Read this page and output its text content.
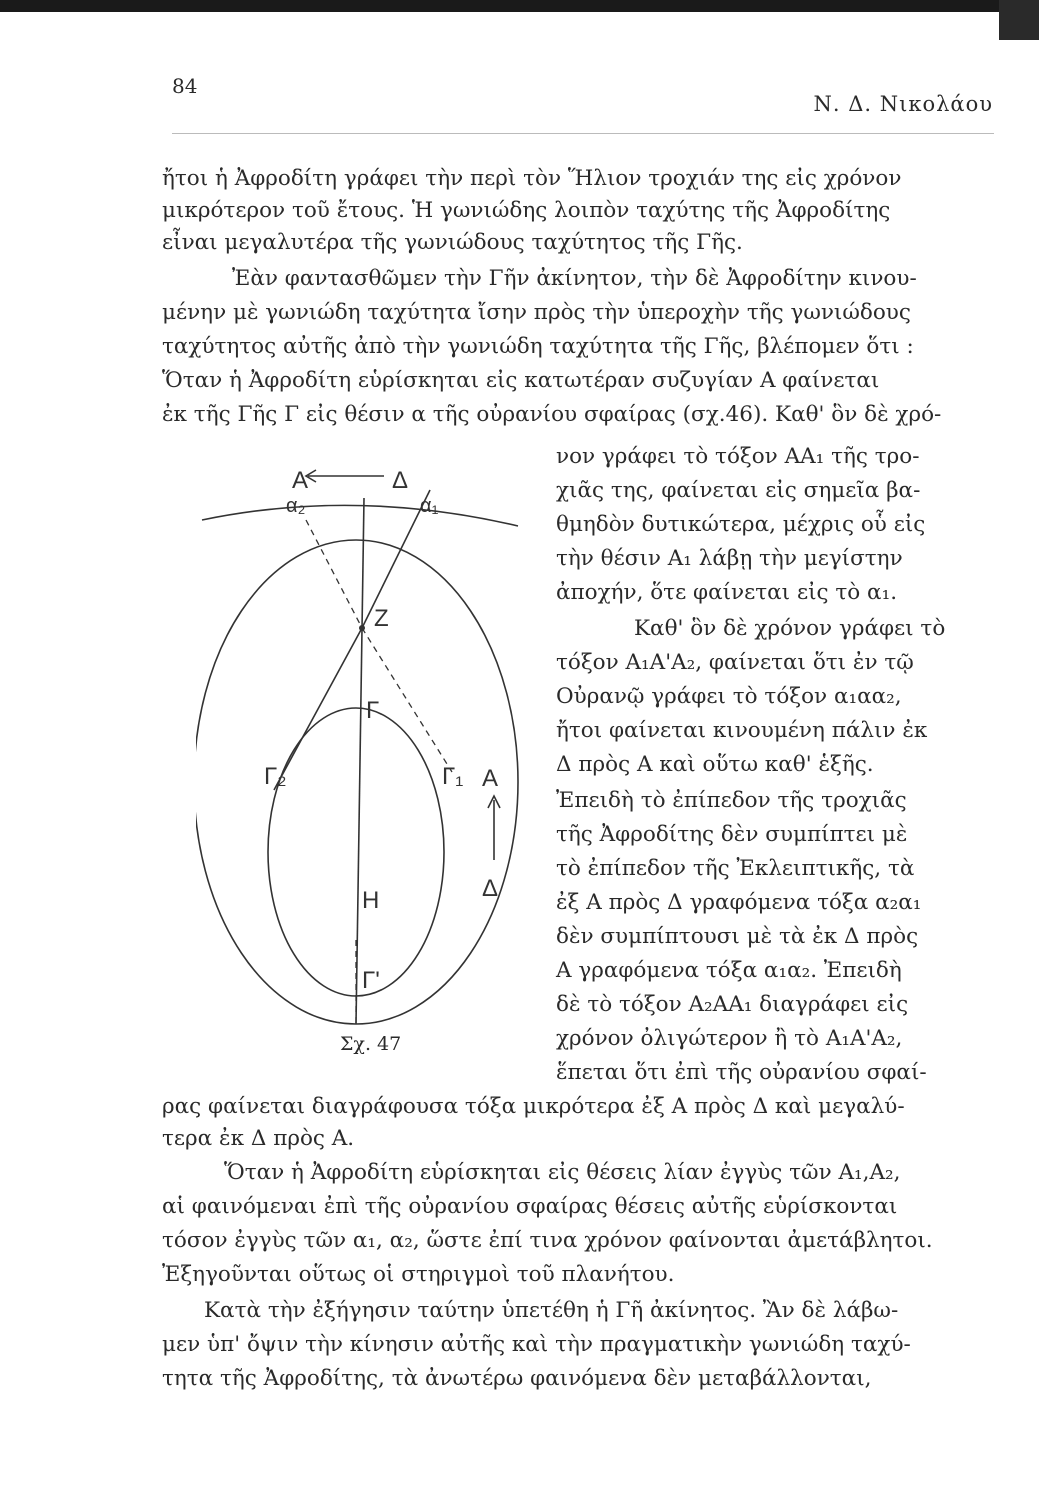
84
Ν. Δ. Νικολάου
ἤτοι ἡ Ἀφροδίτη γράφει τὴν περὶ τὸν Ἥλιον τροχιάν της εἰς χρόνον
μικρότερον τοῦ ἔτους. Ἡ γωνιώδης λοιπὸν ταχύτης τῆς Ἀφροδίτης
εἶναι μεγαλυτέρα τῆς γωνιώδους ταχύτητος τῆς Γῆς.
Ἐὰν φαντασθῶμεν τὴν Γῆν ἀκίνητον, τὴν δὲ Ἀφροδίτην κινου-
μένην μὲ γωνιώδη ταχύτητα ἴσην πρὸς τὴν ὑπεροχὴν τῆς γωνιώδους
ταχύτητος αὐτῆς ἀπὸ τὴν γωνιώδη ταχύτητα τῆς Γῆς, βλέπομεν ὅτι :
Ὅταν ἡ Ἀφροδίτη εὑρίσκηται εἰς κατωτέραν συζυγίαν Α φαίνεται
ἐκ τῆς Γῆς Γ εἰς θέσιν α τῆς οὐρανίου σφαίρας (σχ.46). Καθ' ὃν δὲ χρό-
νον γράφει τὸ τόξον ΑΑ₁ τῆς τρο-
χιᾶς της, φαίνεται εἰς σημεῖα βα-
θμηδὸν δυτικώτερα, μέχρις οὗ εἰς
τὴν θέσιν Α₁ λάβῃ τὴν μεγίστην
ἀποχήν, ὅτε φαίνεται εἰς τὸ α₁.
Καθ' ὃν δὲ χρόνον γράφει τὸ
τόξον Α₁Α'Α₂, φαίνεται ὅτι ἐν τῷ
Οὐρανῷ γράφει τὸ τόξον α₁αα₂,
ἤτοι φαίνεται κινουμένη πάλιν ἐκ
Δ πρὸς Α καὶ οὕτω καθ' ἑξῆς.
Ἐπειδὴ τὸ ἐπίπεδον τῆς τροχιᾶς
τῆς Ἀφροδίτης δὲν συμπίπτει μὲ
τὸ ἐπίπεδον τῆς Ἐκλειπτικῆς, τὰ
ἐξ Α πρὸς Δ γραφόμενα τόξα α₂α₁
δὲν συμπίπτουσι μὲ τὰ ἐκ Δ πρὸς
Α γραφόμενα τόξα α₁α₂. Ἐπειδὴ
δὲ τὸ τόξον Α₂ΑΑ₁ διαγράφει εἰς
χρόνον ὀλιγώτερον ἢ τὸ Α₁Α'Α₂,
ἕπεται ὅτι ἐπὶ τῆς οὐρανίου σφαί-
Α	Δ
α₂	α₁
Ζ
Γ
Γ₂	Γ₁
Η
Γ'
Α
Δ
Σχ. 47
ρας φαίνεται διαγράφουσα τόξα μικρότερα ἐξ Α πρὸς Δ καὶ μεγαλύ-
τερα ἐκ Δ πρὸς Α.
Ὅταν ἡ Ἀφροδίτη εὑρίσκηται εἰς θέσεις λίαν ἐγγὺς τῶν Α₁,Α₂,
αἱ φαινόμεναι ἐπὶ τῆς οὐρανίου σφαίρας θέσεις αὐτῆς εὑρίσκονται
τόσον ἐγγὺς τῶν α₁, α₂, ὥστε ἐπί τινα χρόνον φαίνονται ἀμετάβλητοι.
Ἐξηγοῦνται οὕτως οἱ στηριγμοὶ τοῦ πλανήτου.
Κατὰ τὴν ἐξήγησιν ταύτην ὑπετέθη ἡ Γῆ ἀκίνητος. Ἂν δὲ λάβω-
μεν ὑπ' ὄψιν τὴν κίνησιν αὐτῆς καὶ τὴν πραγματικὴν γωνιώδη ταχύ-
τητα τῆς Ἀφροδίτης, τὰ ἀνωτέρω φαινόμενα δὲν μεταβάλλονται,
